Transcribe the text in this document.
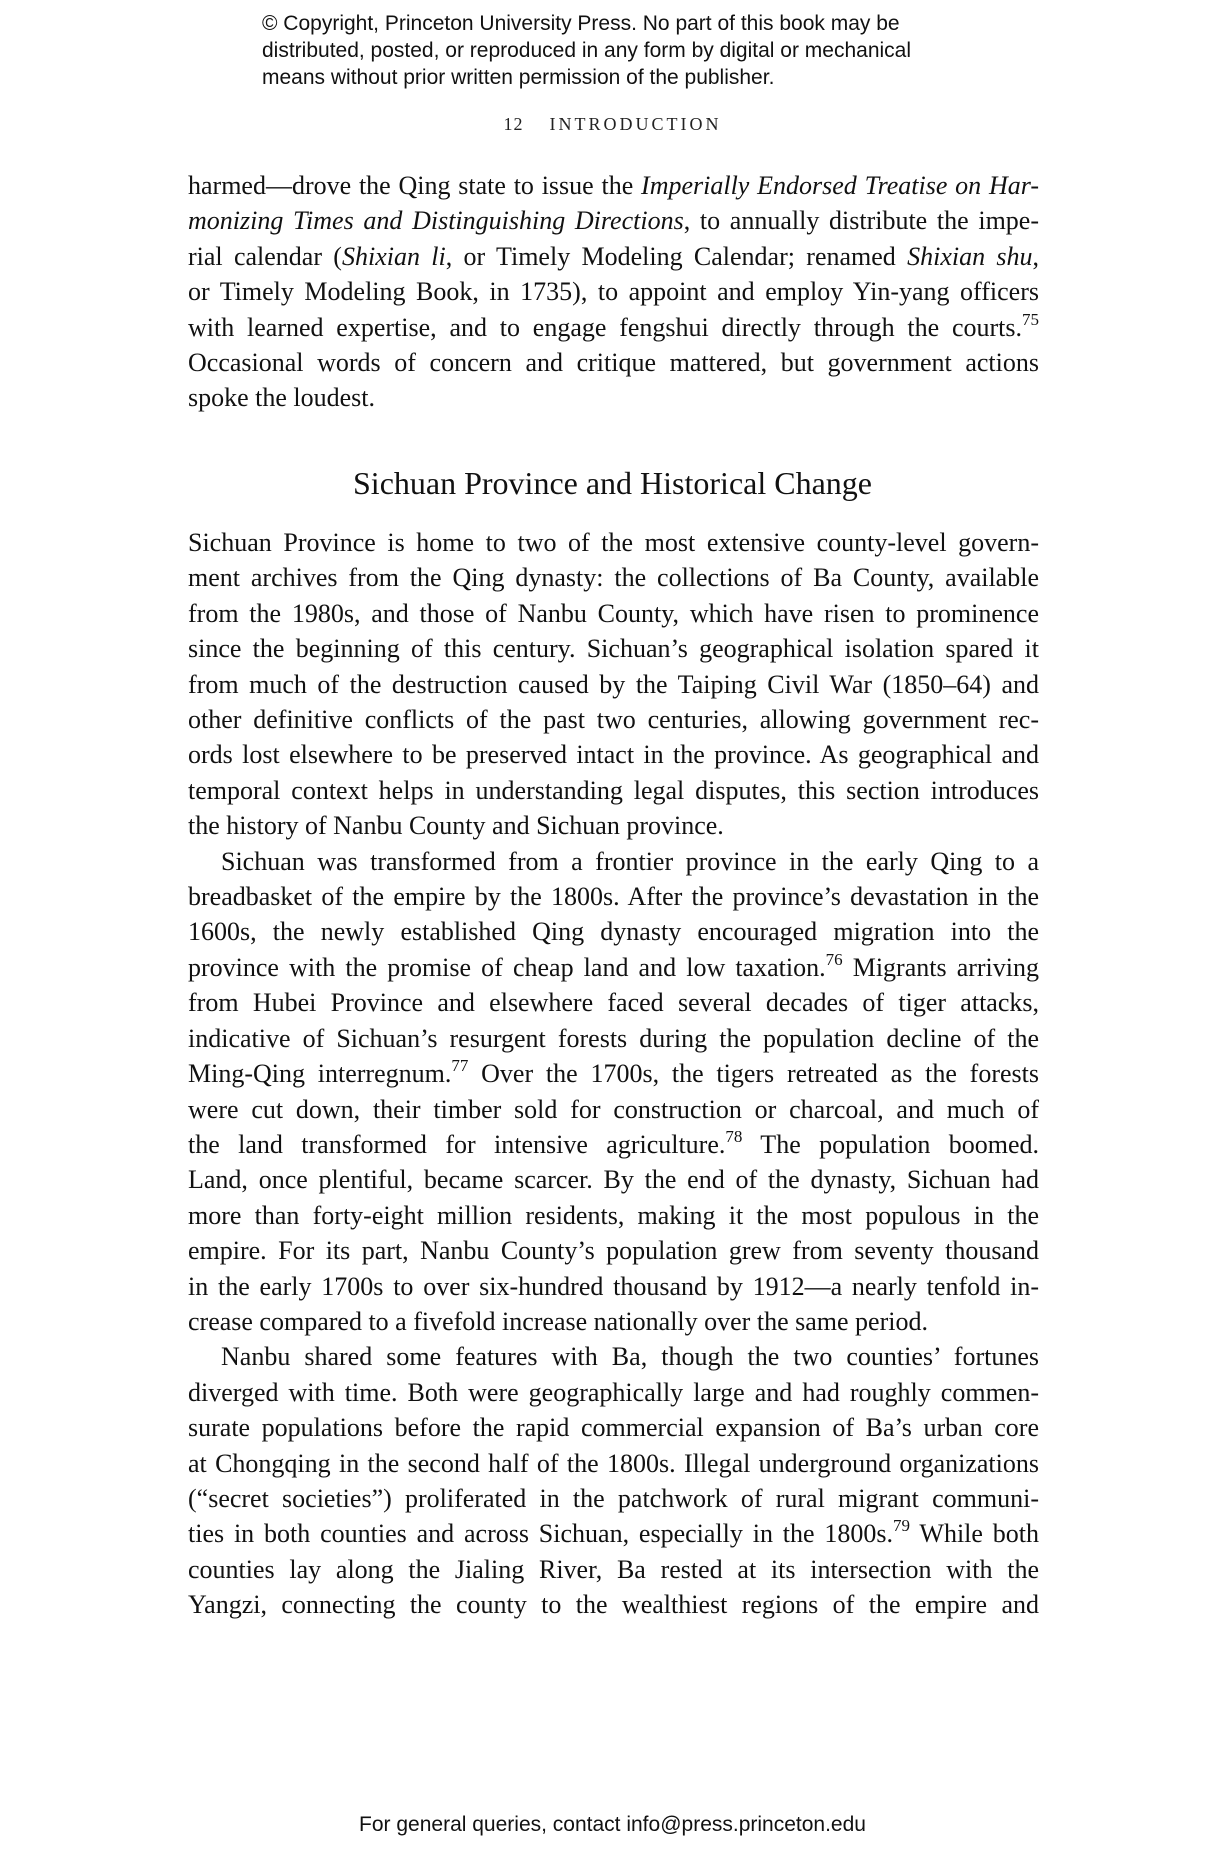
© Copyright, Princeton University Press. No part of this book may be
distributed, posted, or reproduced in any form by digital or mechanical
means without prior written permission of the publisher.
12 INTRODUCTION
harmed—drove the Qing state to issue the Imperially Endorsed Treatise on Har-
monizing Times and Distinguishing Directions, to annually distribute the impe-
rial calendar (Shixian li, or Timely Modeling Calendar; renamed Shixian shu,
or Timely Modeling Book, in 1735), to appoint and employ Yin-yang officers
with learned expertise, and to engage fengshui directly through the courts.$^{75}$
Occasional words of concern and critique mattered, but government actions
spoke the loudest.
Sichuan Province and Historical Change
Sichuan Province is home to two of the most extensive county-level govern-
ment archives from the Qing dynasty: the collections of Ba County, available
from the 1980s, and those of Nanbu County, which have risen to prominence
since the beginning of this century. Sichuan’s geographical isolation spared it
from much of the destruction caused by the Taiping Civil War (1850–64) and
other definitive conflicts of the past two centuries, allowing government rec-
ords lost elsewhere to be preserved intact in the province. As geographical and
temporal context helps in understanding legal disputes, this section introduces
the history of Nanbu County and Sichuan province.
Sichuan was transformed from a frontier province in the early Qing to a
breadbasket of the empire by the 1800s. After the province’s devastation in the
1600s, the newly established Qing dynasty encouraged migration into the
province with the promise of cheap land and low taxation.$^{76}$ Migrants arriving
from Hubei Province and elsewhere faced several decades of tiger attacks,
indicative of Sichuan’s resurgent forests during the population decline of the
Ming-Qing interregnum.$^{77}$ Over the 1700s, the tigers retreated as the forests
were cut down, their timber sold for construction or charcoal, and much of
the land transformed for intensive agriculture.$^{78}$ The population boomed.
Land, once plentiful, became scarcer. By the end of the dynasty, Sichuan had
more than forty-eight million residents, making it the most populous in the
empire. For its part, Nanbu County’s population grew from seventy thousand
in the early 1700s to over six-hundred thousand by 1912—a nearly tenfold in-
crease compared to a fivefold increase nationally over the same period.
Nanbu shared some features with Ba, though the two counties’ fortunes
diverged with time. Both were geographically large and had roughly commen-
surate populations before the rapid commercial expansion of Ba’s urban core
at Chongqing in the second half of the 1800s. Illegal underground organizations
(“secret societies”) proliferated in the patchwork of rural migrant communi-
ties in both counties and across Sichuan, especially in the 1800s.$^{79}$ While both
counties lay along the Jialing River, Ba rested at its intersection with the
Yangzi, connecting the county to the wealthiest regions of the empire and
For general queries, contact info@press.princeton.edu
